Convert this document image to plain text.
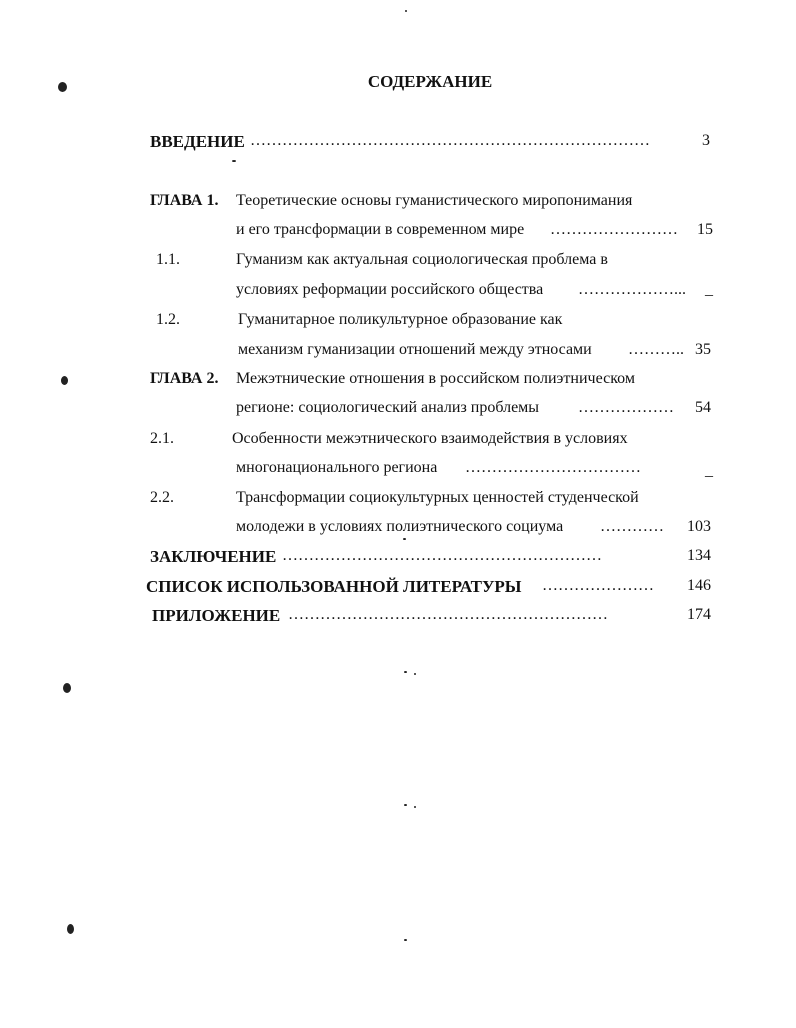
СОДЕРЖАНИЕ
ВВЕДЕНИЕ …………………………………………………………………	3
ГЛАВА 1. Теоретические основы гуманистического миропонимания
и его трансформации в современном мире ……………………	15
1.1.	Гуманизм как актуальная социологическая проблема в
условиях реформации российского общества ………………...	_
1.2.	Гуманитарное поликультурное образование как
механизм гуманизации отношений между этносами ……….. 35
ГЛАВА 2. Межэтнические отношения в российском полиэтническом
регионе: социологический анализ проблемы ………………	54
2.1.	Особенности межэтнического взаимодействия в условиях
многонационального региона ……………………………	_
2.2.	Трансформации социокультурных ценностей студенческой
молодежи в условиях полиэтнического социума …………	103
ЗАКЛЮЧЕНИЕ ……………………………………………………	134
СПИСОК ИСПОЛЬЗОВАННОЙ ЛИТЕРАТУРЫ …………………	146
ПРИЛОЖЕНИЕ ……………………………………………………	174
